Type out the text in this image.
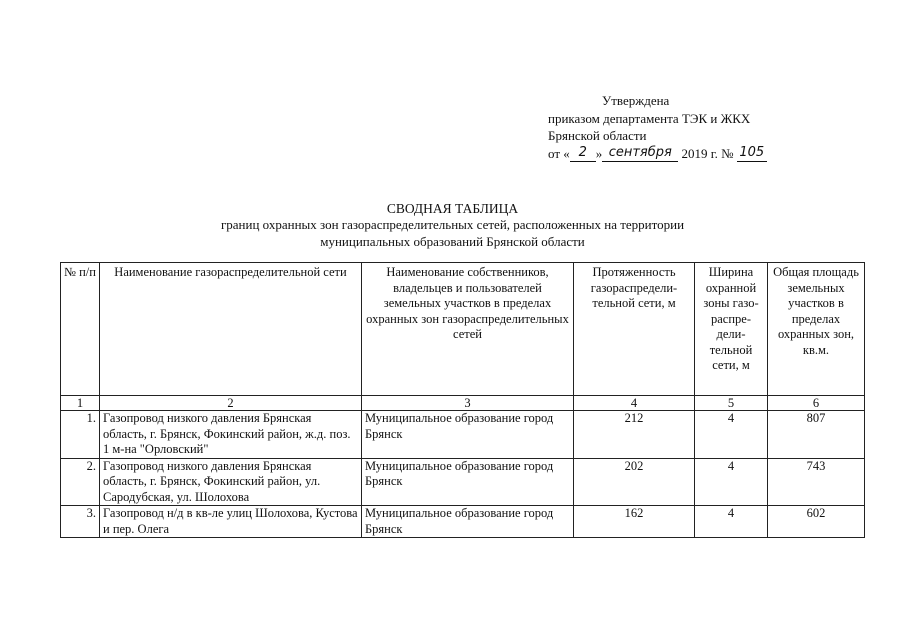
Утверждена
приказом департамента ТЭК и ЖКХ
Брянской области
от « 2 » сентября 2019 г. № 105
СВОДНАЯ ТАБЛИЦА
границ охранных зон газораспределительных сетей, расположенных на территории
муниципальных образований Брянской области
№ п/п	Наименование газораспределительной сети	Наименование собственников, владельцев и пользователей земельных участков в пределах охранных зон газораспределительных сетей	Протяженность газораспредели-тельной сети, м	Ширина охранной зоны газо-распре-дели-тельной сети, м	Общая площадь земельных участков в пределах охранных зон, кв.м.
1	2	3	4	5	6
1.	Газопровод низкого давления Брянская область, г. Брянск, Фокинский район, ж.д. поз. 1 м-на "Орловский"	Муниципальное образование город Брянск	212	4	807
2.	Газопровод низкого давления Брянская область, г. Брянск, Фокинский район, ул. Сародубская, ул. Шолохова	Муниципальное образование город Брянск	202	4	743
3.	Газопровод н/д в кв-ле улиц Шолохова, Кустова и пер. Олега	Муниципальное образование город Брянск	162	4	602
